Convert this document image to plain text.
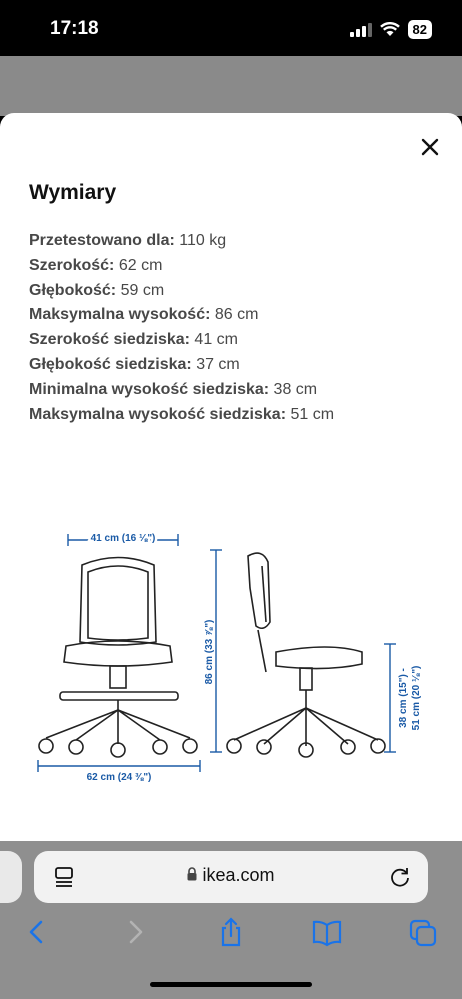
17:18	82
Wymiary
Przetestowano dla: 110 kg
Szerokość: 62 cm
Głębokość: 59 cm
Maksymalna wysokość: 86 cm
Szerokość siedziska: 41 cm
Głębokość siedziska: 37 cm
Minimalna wysokość siedziska: 38 cm
Maksymalna wysokość siedziska: 51 cm
41 cm (16 ⅛")
62 cm (24 ⅜")
86 cm (33 ⅞")
38 cm (15") - 51 cm (20 ⅛")
ikea.com
